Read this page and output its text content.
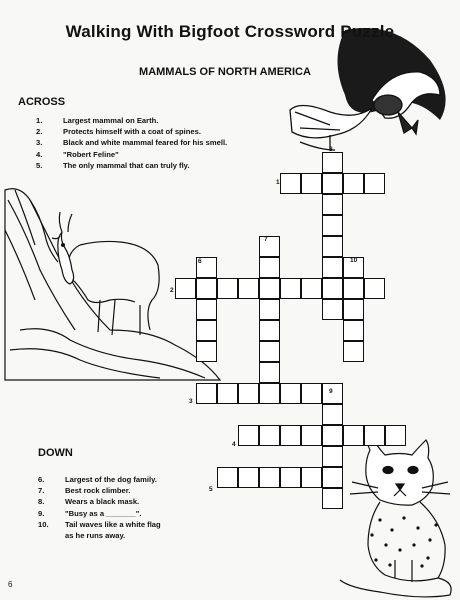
Walking With Bigfoot Crossword Puzzle
MAMMALS OF NORTH AMERICA
ACROSS
1.	Largest mammal on Earth.
2.	Protects himself with a coat of spines.
3.	Black and white mammal feared for his smell.
4.	"Robert Feline"
5.	The only mammal that can truly fly.
DOWN
6.	Largest of the dog family.
7.	Best rock climber.
8.	Wears a black mask.
9.	"Busy as a _______".
10. Tail waves like a white flag
as he runs away.
1
2
3
4
5
6
7
8
9
10
6
